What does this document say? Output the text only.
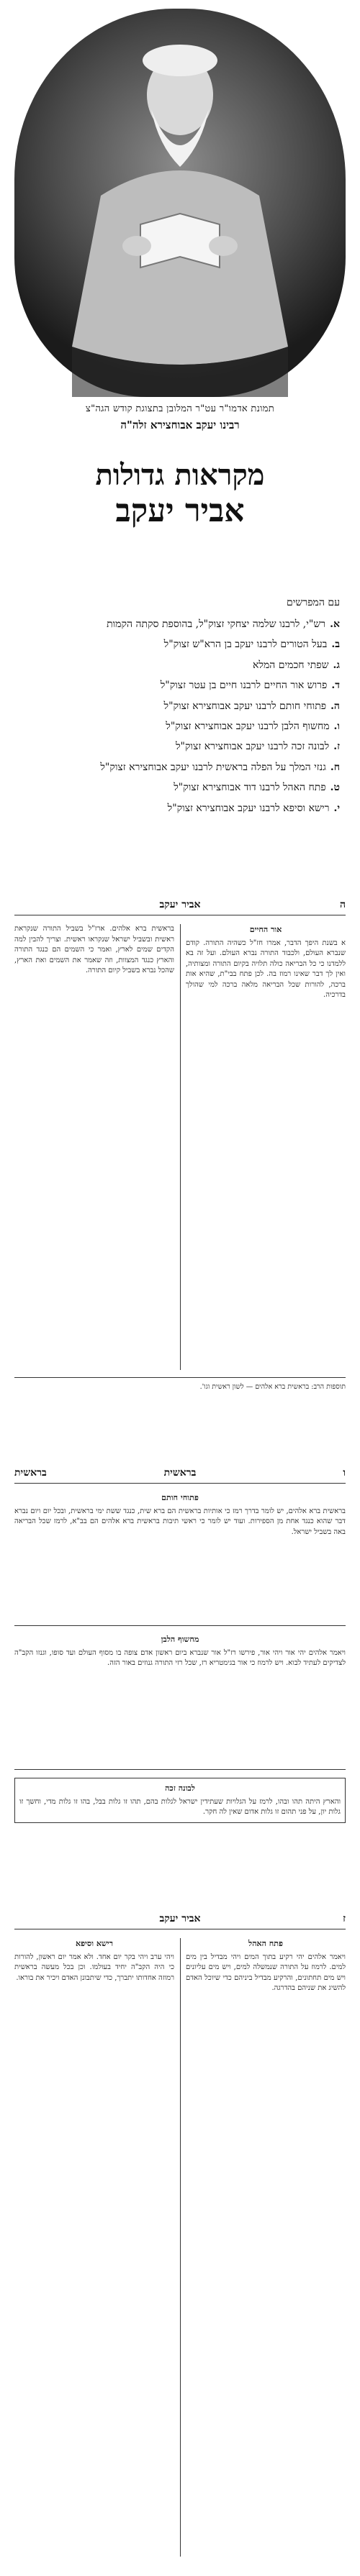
תמונת אדמו"ר עט"ר המלובן בתצוגת קודש הגה"צ
רבינו יעקב אבוחצירא זלה"ה
מקראות גדולות
אביר יעקב
עם המפרשים
א.רש"י, לרבנו שלמה יצחקי זצוק"ל, בהוספת סקתה הקמות
ב.בעל הטורים לרבנו יעקב בן הרא"ש זצוק"ל
ג.שפתי חכמים המלא
ד.פרוש אור החיים לרבנו חיים בן עטר זצוק"ל
ה.פתוחי חותם לרבנו יעקב אבוחצירא זצוק"ל
ו.מחשוף הלבן לרבנו יעקב אבוחצירא זצוק"ל
ז.לבונה זכה לרבנו יעקב אבוחצירא זצוק"ל
ח.גנזי המלך על הפלה בראשית לרבנו יעקב אבוחצירא זצוק"ל
ט.פתח האהל לרבנו דוד אבוחצירא זצוק"ל
י.רישא וסיפא לרבנו יעקב אבוחצירא זצוק"ל
ה
אביר יעקב
אור החיים
א בשנת היפך הדבר, אמרו חז"ל כשהיה התורה. קודם שנברא העולם, ולכבוד התורה נברא העולם. ועל זה בא ללמדנו כי כל הבריאה כולה תלויה בקיום התורה ומצותיה, ואין לך דבר שאינו רמוז בה. לכן פתח בבי"ת, שהיא אות ברכה, להורות שכל הבריאה מלאה ברכה למי שהולך בדרכיה.
בראשית ברא אלהים. ארז"ל בשביל התורה שנקראת ראשית ובשביל ישראל שנקראו ראשית. וצריך להבין למה הקדים שמים לארץ, ואמר כי השמים הם כנגד התורה והארץ כנגד המצוות, וזה שאמר את השמים ואת הארץ, שהכל נברא בשביל קיום התורה.
תוספות הרב: בראשית ברא אלהים — לשון ראשית וגו'.
ו
בראשית
בראשית
פתוחי חותם
בראשית ברא אלהים, יש לומר בדרך רמז כי אותיות בראשית הם ברא שית, כנגד ששת ימי בראשית, ובכל יום ויום נברא דבר שהוא כנגד אחת מן הספירות. ועוד יש לומר כי ראשי תיבות בראשית ברא אלהים הם בב"א, לרמז שכל הבריאה באה בשביל ישראל.
מחשוף הלבן
ויאמר אלהים יהי אור ויהי אור, פירשו רז"ל אור שנברא ביום ראשון אדם צופה בו מסוף העולם ועד סופו, וגנזו הקב"ה לצדיקים לעתיד לבוא. ויש לרמוז כי אור בגימטריא רז, שכל רזי התורה גנוזים באור הזה.
לבונה זכה
והארץ היתה תהו ובהו, לרמז על הגלויות שעתידין ישראל לגלות בהם, תהו זו גלות בבל, בהו זו גלות מדי, וחשך זו גלות יון, על פני תהום זו גלות אדום שאין לה חקר.
ז
אביר יעקב
פתח האהל
ויאמר אלהים יהי רקיע בתוך המים ויהי מבדיל בין מים למים. לרמוז על התורה שנמשלה למים, ויש מים עליונים ויש מים תחתונים, והרקיע מבדיל ביניהם כדי שיוכל האדם להשיג את שניהם בהדרגה.
רישא וסיפא
ויהי ערב ויהי בקר יום אחד. ולא אמר יום ראשון, להורות כי היה הקב"ה יחיד בעולמו. וכן בכל מעשה בראשית רמוזה אחדותו יתברך, כדי שיתבונן האדם ויכיר את בוראו.
